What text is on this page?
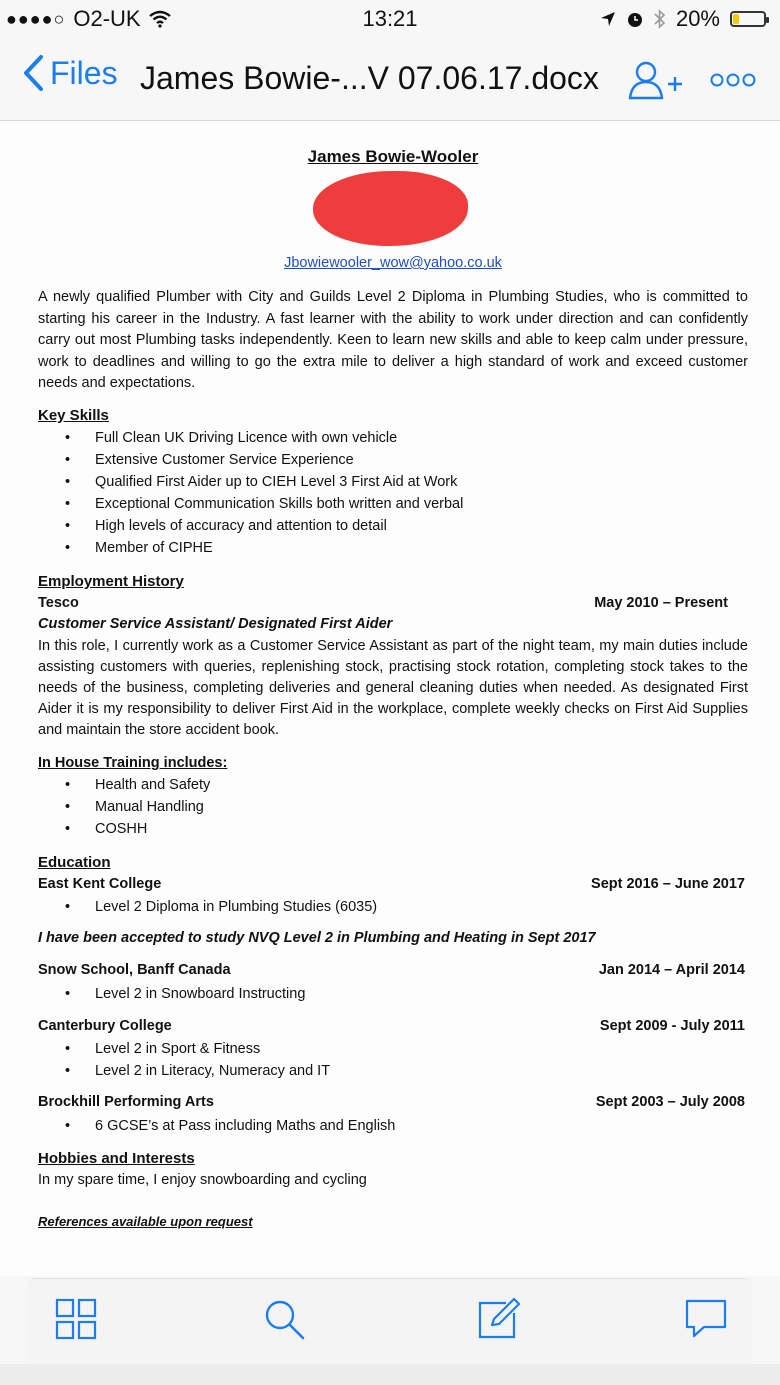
●●●●○ O2-UK	13:21	20%
Files James Bowie-...V 07.06.17.docx
James Bowie-Wooler
Jbowiewooler_wow@yahoo.co.uk
A newly qualified Plumber with City and Guilds Level 2 Diploma in Plumbing Studies, who is committed to starting his career in the Industry. A fast learner with the ability to work under direction and can confidently carry out most Plumbing tasks independently. Keen to learn new skills and able to keep calm under pressure, work to deadlines and willing to go the extra mile to deliver a high standard of work and exceed customer needs and expectations.
Key Skills
• Full Clean UK Driving Licence with own vehicle
• Extensive Customer Service Experience
• Qualified First Aider up to CIEH Level 3 First Aid at Work
• Exceptional Communication Skills both written and verbal
• High levels of accuracy and attention to detail
• Member of CIPHE
Employment History
Tesco	May 2010 – Present
Customer Service Assistant/ Designated First Aider
In this role, I currently work as a Customer Service Assistant as part of the night team, my main duties include assisting customers with queries, replenishing stock, practising stock rotation, completing stock takes to the needs of the business, completing deliveries and general cleaning duties when needed. As designated First Aider it is my responsibility to deliver First Aid in the workplace, complete weekly checks on First Aid Supplies and maintain the store accident book.
In House Training includes:
• Health and Safety
• Manual Handling
• COSHH
Education
East Kent College	Sept 2016 – June 2017
• Level 2 Diploma in Plumbing Studies (6035)
I have been accepted to study NVQ Level 2 in Plumbing and Heating in Sept 2017
Snow School, Banff Canada	Jan 2014 – April 2014
• Level 2 in Snowboard Instructing
Canterbury College	Sept 2009 - July 2011
• Level 2 in Sport & Fitness
• Level 2 in Literacy, Numeracy and IT
Brockhill Performing Arts	Sept 2003 – July 2008
• 6 GCSE’s at Pass including Maths and English
Hobbies and Interests
In my spare time, I enjoy snowboarding and cycling
References available upon request
